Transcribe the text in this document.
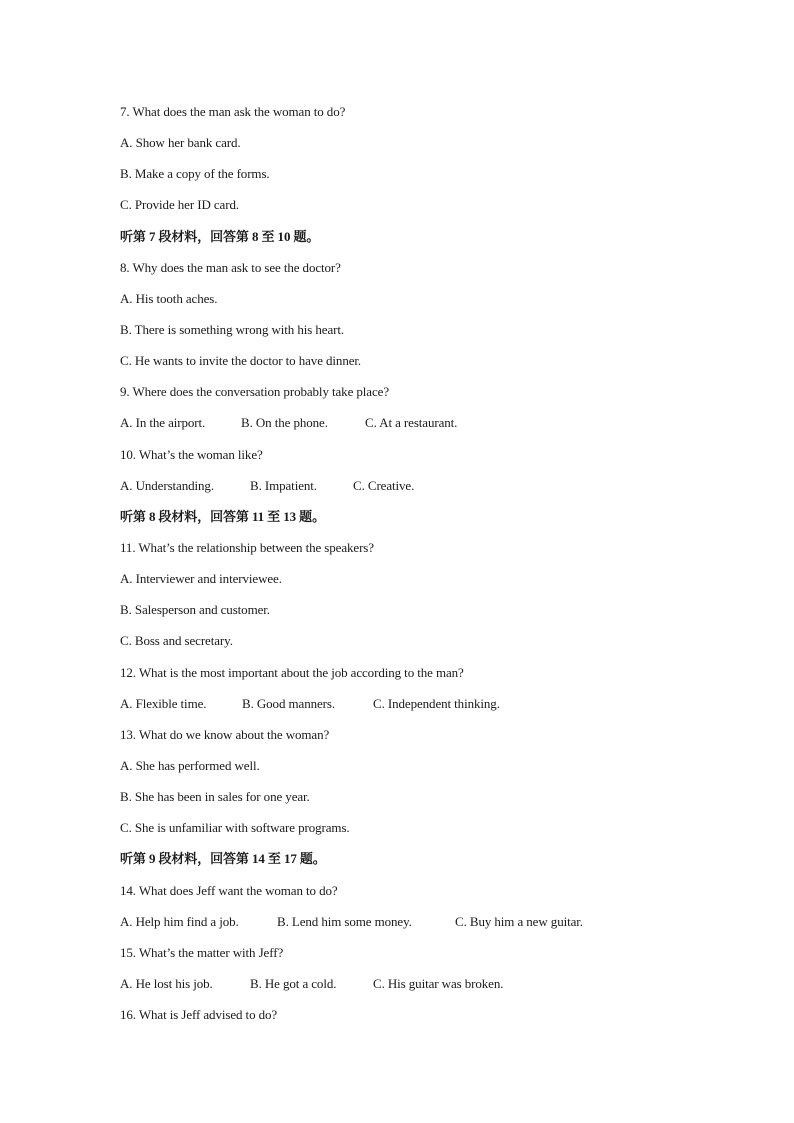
7. What does the man ask the woman to do?
A. Show her bank card.
B. Make a copy of the forms.
C. Provide her ID card.
听第 7 段材料，回答第 8 至 10 题。
8. Why does the man ask to see the doctor?
A. His tooth aches.
B. There is something wrong with his heart.
C. He wants to invite the doctor to have dinner.
9. Where does the conversation probably take place?
A. In the airport.	B. On the phone.	C. At a restaurant.
10. What’s the woman like?
A. Understanding.	B. Impatient.	C. Creative.
听第 8 段材料，回答第 11 至 13 题。
11. What’s the relationship between the speakers?
A. Interviewer and interviewee.
B. Salesperson and customer.
C. Boss and secretary.
12. What is the most important about the job according to the man?
A. Flexible time.	B. Good manners.	C. Independent thinking.
13. What do we know about the woman?
A. She has performed well.
B. She has been in sales for one year.
C. She is unfamiliar with software programs.
听第 9 段材料，回答第 14 至 17 题。
14. What does Jeff want the woman to do?
A. Help him find a job.	B. Lend him some money.	C. Buy him a new guitar.
15. What’s the matter with Jeff?
A. He lost his job.	B. He got a cold.	C. His guitar was broken.
16. What is Jeff advised to do?
